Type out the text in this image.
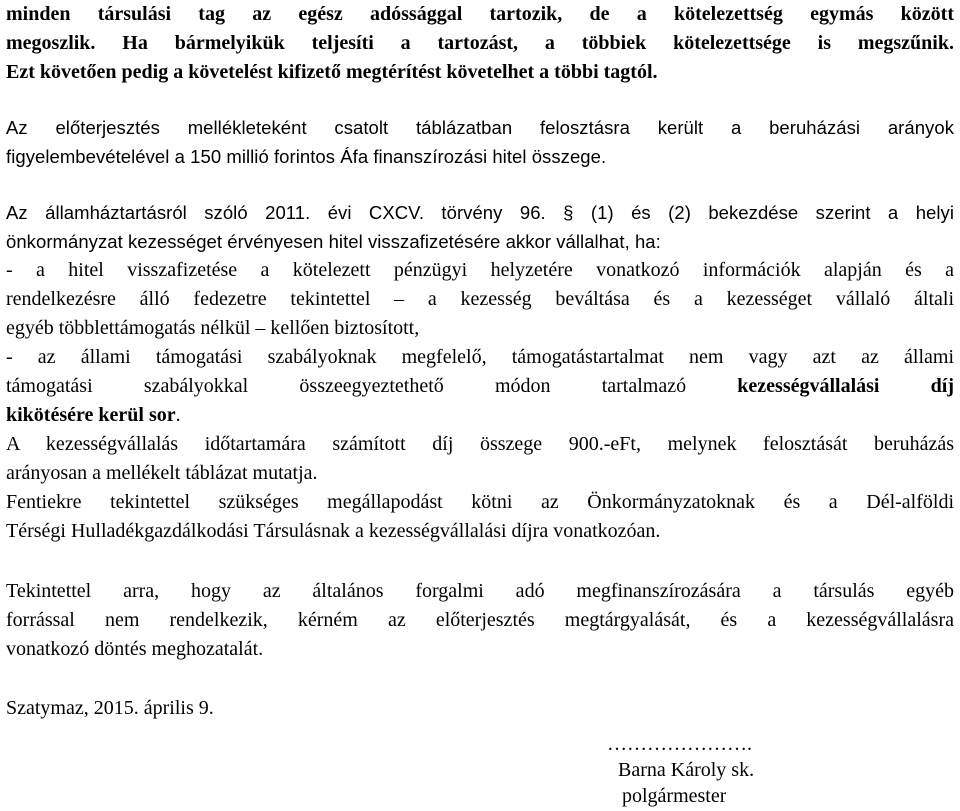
minden társulási tag az egész adóssággal tartozik, de a kötelezettség egymás között
megoszlik. Ha bármelyikük teljesíti a tartozást, a többiek kötelezettsége is megszűnik.
Ezt követően pedig a követelést kifizető megtérítést követelhet a többi tagtól.
Az előterjesztés mellékleteként csatolt táblázatban felosztásra került a beruházási arányok
figyelembevételével a 150 millió forintos Áfa finanszírozási hitel összege.
Az államháztartásról szóló 2011. évi CXCV. törvény 96. § (1) és (2) bekezdése szerint a helyi
önkormányzat kezességet érvényesen hitel visszafizetésére akkor vállalhat, ha:
- a hitel visszafizetése a kötelezett pénzügyi helyzetére vonatkozó információk alapján és a
rendelkezésre álló fedezetre tekintettel – a kezesség beváltása és a kezességet vállaló általi
egyéb többlettámogatás nélkül – kellően biztosított,
- az állami támogatási szabályoknak megfelelő, támogatástartalmat nem vagy azt az állami
támogatási szabályokkal összeegyeztethető módon tartalmazó kezességvállalási díj
kikötésére kerül sor.
A kezességvállalás időtartamára számított díj összege 900.-eFt, melynek felosztását beruházás
arányosan a mellékelt táblázat mutatja.
Fentiekre tekintettel szükséges megállapodást kötni az Önkormányzatoknak és a Dél-alföldi
Térségi Hulladékgazdálkodási Társulásnak a kezességvállalási díjra vonatkozóan.
Tekintettel arra, hogy az általános forgalmi adó megfinanszírozására a társulás egyéb
forrással nem rendelkezik, kérném az előterjesztés megtárgyalását, és a kezességvállalásra
vonatkozó döntés meghozatalát.
Szatymaz, 2015. április 9.
………………….
Barna Károly sk.
polgármester
